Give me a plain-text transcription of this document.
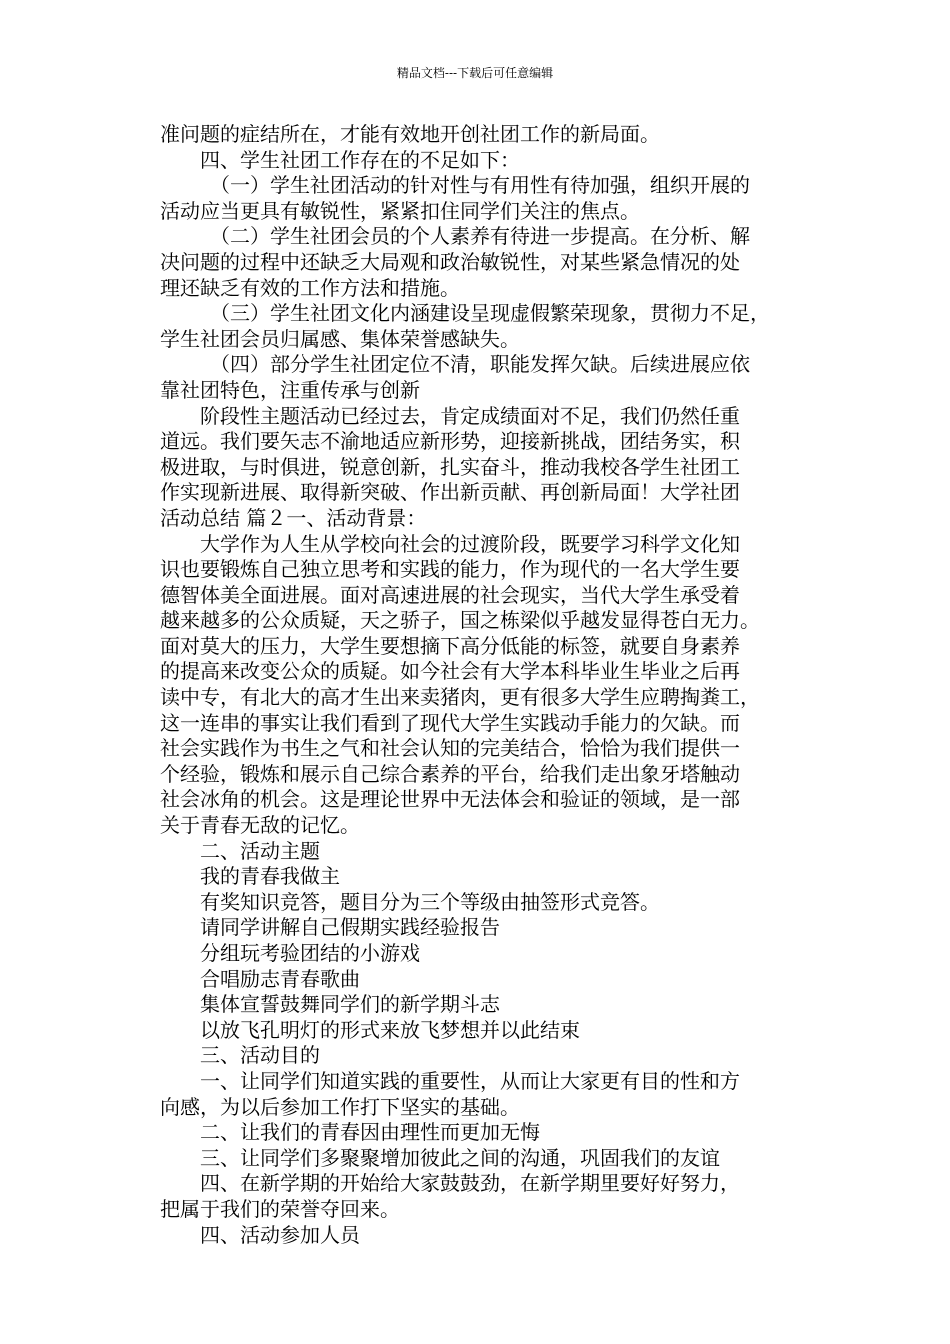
精品文档---下载后可任意编辑
准问题的症结所在，才能有效地开创社团工作的新局面。
四、学生社团工作存在的不足如下：
（一）学生社团活动的针对性与有用性有待加强，组织开展的
活动应当更具有敏锐性，紧紧扣住同学们关注的焦点。
（二）学生社团会员的个人素养有待进一步提高。在分析、解
决问题的过程中还缺乏大局观和政治敏锐性，对某些紧急情况的处
理还缺乏有效的工作方法和措施。
（三）学生社团文化内涵建设呈现虚假繁荣现象，贯彻力不足，
学生社团会员归属感、集体荣誉感缺失。
（四）部分学生社团定位不清，职能发挥欠缺。后续进展应依
靠社团特色，注重传承与创新
阶段性主题活动已经过去，肯定成绩面对不足，我们仍然任重
道远。我们要矢志不渝地适应新形势，迎接新挑战，团结务实，积
极进取，与时俱进，锐意创新，扎实奋斗，推动我校各学生社团工
作实现新进展、取得新突破、作出新贡献、再创新局面！大学社团
活动总结 篇２一、活动背景：
大学作为人生从学校向社会的过渡阶段，既要学习科学文化知
识也要锻炼自己独立思考和实践的能力，作为现代的一名大学生要
德智体美全面进展。面对高速进展的社会现实，当代大学生承受着
越来越多的公众质疑，天之骄子，国之栋梁似乎越发显得苍白无力。
面对莫大的压力，大学生要想摘下高分低能的标签，就要自身素养
的提高来改变公众的质疑。如今社会有大学本科毕业生毕业之后再
读中专，有北大的高才生出来卖猪肉，更有很多大学生应聘掏粪工，
这一连串的事实让我们看到了现代大学生实践动手能力的欠缺。而
社会实践作为书生之气和社会认知的完美结合，恰恰为我们提供一
个经验，锻炼和展示自己综合素养的平台，给我们走出象牙塔触动
社会冰角的机会。这是理论世界中无法体会和验证的领域，是一部
关于青春无敌的记忆。
二、活动主题
我的青春我做主
有奖知识竞答，题目分为三个等级由抽签形式竞答。
请同学讲解自己假期实践经验报告
分组玩考验团结的小游戏
合唱励志青春歌曲
集体宣誓鼓舞同学们的新学期斗志
以放飞孔明灯的形式来放飞梦想并以此结束
三、活动目的
一、让同学们知道实践的重要性，从而让大家更有目的性和方
向感，为以后参加工作打下坚实的基础。
二、让我们的青春因由理性而更加无悔
三、让同学们多聚聚增加彼此之间的沟通，巩固我们的友谊
四、在新学期的开始给大家鼓鼓劲，在新学期里要好好努力，
把属于我们的荣誉夺回来。
四、活动参加人员
